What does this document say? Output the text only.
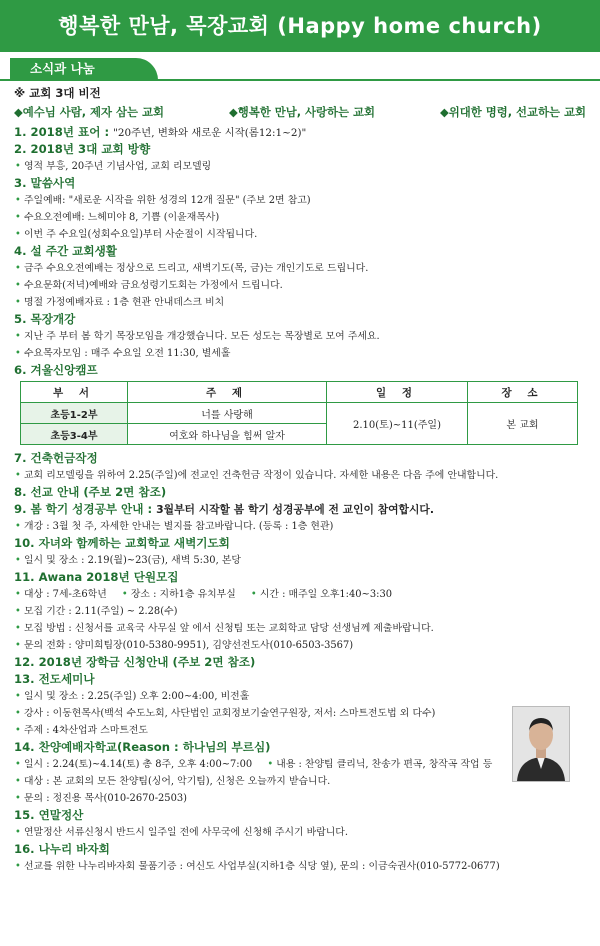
행복한 만남, 목장교회 (Happy home church)
소식과 나눔
※ 교회 3대 비전
◆예수님 사람, 제자 삼는 교회	◆행복한 만남, 사랑하는 교회	◆위대한 명령, 선교하는 교회
1. 2018년 표어 : "20주년, 변화와 새로운 시작(롬12:1~2)"
2. 2018년 3대 교회 방향
• 영적 부흥, 20주년 기념사업, 교회 리모델링
3. 말씀사역
• 주일예배: "새로운 시작을 위한 성경의 12개 질문" (주보 2면 참고)
• 수요오전예배: 느헤미야 8, 기쁨 (이윤재목사)
• 이번 주 수요일(성회수요일)부터 사순절이 시작됩니다.
4. 설 주간 교회생활
• 금주 수요오전예배는 정상으로 드리고, 새벽기도(목, 금)는 개인기도로 드립니다.
• 수요문화(저녁)예배와 금요성령기도회는 가정에서 드립니다.
• 명절 가정예배자료 : 1층 현관 안내데스크 비치
5. 목장개강
• 지난 주 부터 봄 학기 목장모임을 개강했습니다. 모든 성도는 목장별로 모여 주세요.
• 수요목자모임 : 매주 수요일 오전 11:30, 별세홀
6. 겨울신앙캠프
부 서	주 제	일 정	장 소
초등1-2부	너를 사랑해	2.10(토)~11(주일)	본 교회
초등3-4부	여호와 하나님을 힘써 알자		
7. 건축헌금작정
• 교회 리모델링을 위하여 2.25(주일)에 전교인 건축헌금 작정이 있습니다. 자세한 내용은 다음 주에 안내합니다.
8. 선교 안내 (주보 2면 참조)
9. 봄 학기 성경공부 안내 : 3월부터 시작할 봄 학기 성경공부에 전 교인이 참여합시다.
• 개강 : 3월 첫 주, 자세한 안내는 별지를 참고바랍니다. (등록 : 1층 현관)
10. 자녀와 함께하는 교회학교 새벽기도회
• 일시 및 장소 : 2.19(월)~23(금), 새벽 5:30, 본당
11. Awana 2018년 단원모집
• 대상 : 7세-초6학년 • 장소 : 지하1층 유치부실 • 시간 : 매주일 오후1:40~3:30
• 모집 기간 : 2.11(주일) ~ 2.28(수)
• 모집 방법 : 신청서를 교육국 사무실 앞 에서 신청팀 또는 교회학교 담당 선생님께 제출바랍니다.
• 문의 전화 : 양미희팀장(010-5380-9951), 김양선전도사(010-6503-3567)
12. 2018년 장학금 신청안내 (주보 2면 참조)
13. 전도세미나
• 일시 및 장소 : 2.25(주일) 오후 2:00~4:00, 비전홀
• 강사 : 이동현목사(백석 수도노회, 사단법인 교회정보기술연구원장, 저서: 스마트전도법 외 다수)
• 주제 : 4차산업과 스마트전도
14. 찬양예배자학교(Reason : 하나님의 부르심)
• 일시 : 2.24(토)~4.14(토) 총 8주, 오후 4:00~7:00 • 내용 : 찬양팀 클리닉, 찬송가 편곡, 창작곡 작업 등
• 대상 : 본 교회의 모든 찬양팀(싱어, 악기팀), 신청은 오늘까지 받습니다.
• 문의 : 정진용 목사(010-2670-2503)
15. 연말정산
• 연말정산 서류신청시 반드시 일주일 전에 사무국에 신청해 주시기 바랍니다.
16. 나누리 바자회
• 선교를 위한 나누리바자회 물품기증 : 여신도 사업부실(지하1층 식당 옆), 문의 : 이금숙권사(010-5772-0677)
